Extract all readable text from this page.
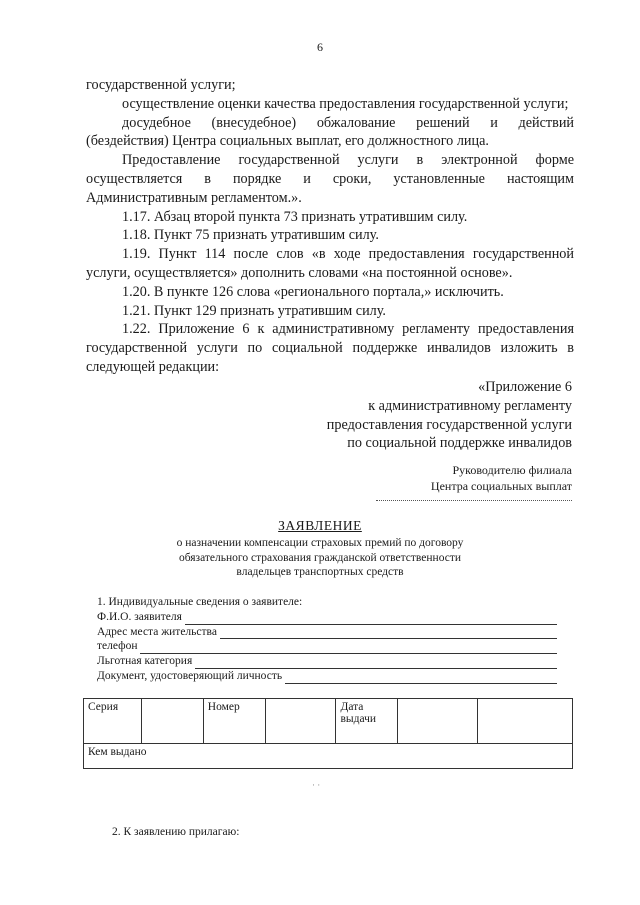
6

государственной услуги;

осуществление оценки качества предоставления государственной услуги;

досудебное (внесудебное) обжалование решений и действий (бездействия) Центра социальных выплат, его должностного лица.

Предоставление государственной услуги в электронной форме осуществляется в порядке и сроки, установленные настоящим Административным регламентом.».

1.17. Абзац второй пункта 73 признать утратившим силу.

1.18. Пункт 75 признать утратившим силу.

1.19. Пункт 114 после слов «в ходе предоставления государственной услуги, осуществляется» дополнить словами «на постоянной основе».

1.20. В пункте 126 слова «регионального портала,» исключить.

1.21. Пункт 129 признать утратившим силу.

1.22. Приложение 6 к административному регламенту предоставления государственной услуги по социальной поддержке инвалидов изложить в следующей редакции:

«Приложение 6
к административному регламенту
предоставления государственной услуги
по социальной поддержке инвалидов
Руководителю филиала
Центра социальных выплат
ЗАЯВЛЕНИЕ
о назначении компенсации страховых премий по договору
обязательного страхования гражданской ответственности
владельцев транспортных средств
1. Индивидуальные сведения о заявителе:
Ф.И.О. заявителя
Адрес места жительства
телефон
Льготная категория
Документ, удостоверяющий личность
Серия		Номер		Дата
выдачи

Кем выдано
· ·
2. К заявлению прилагаю:
